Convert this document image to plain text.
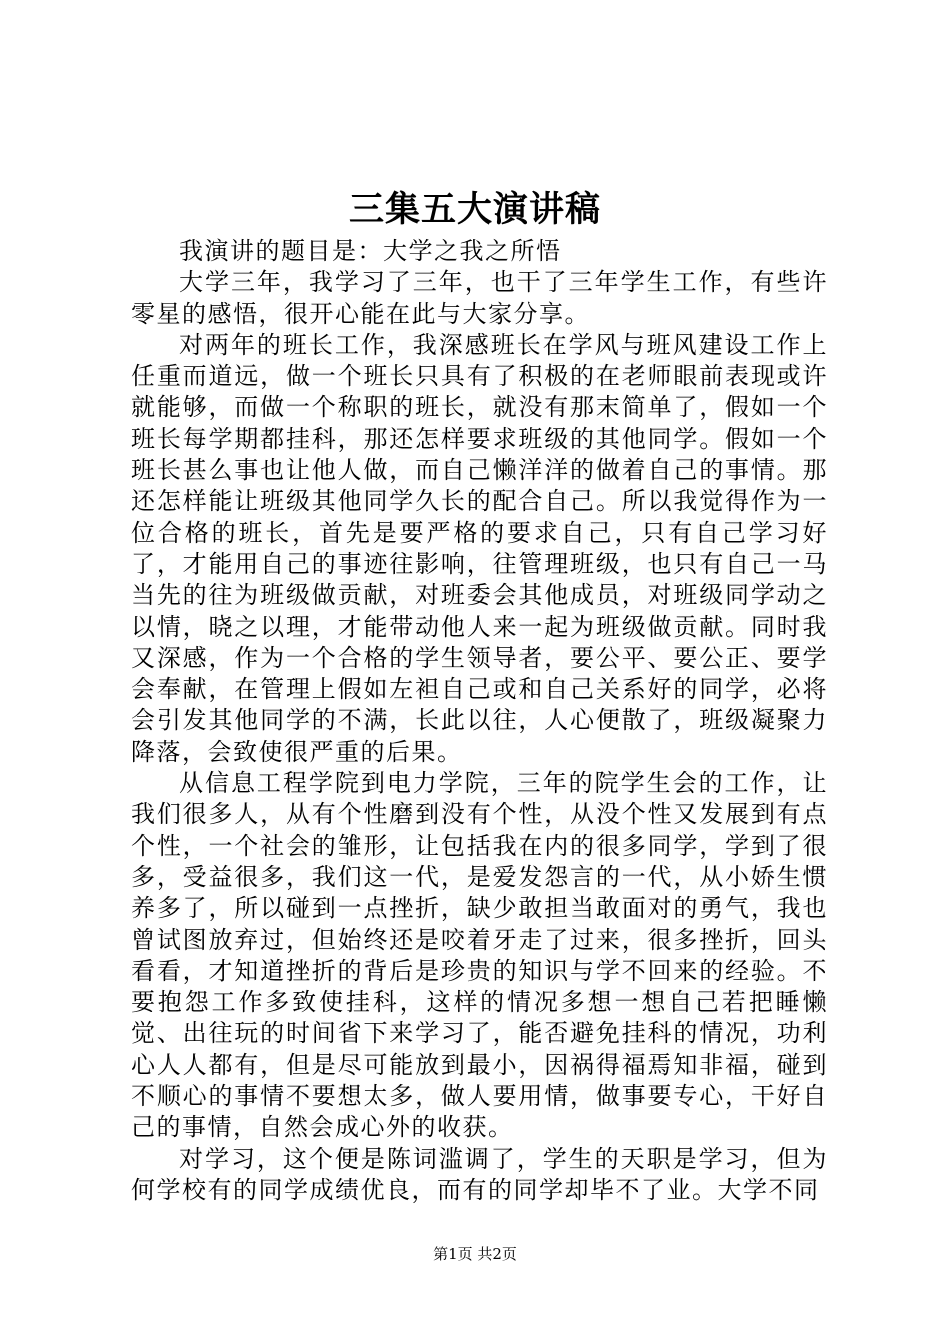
三集五大演讲稿

我演讲的题目是：大学之我之所悟

大学三年，我学习了三年，也干了三年学生工作，有些许零星的感悟，很开心能在此与大家分享。

对两年的班长工作，我深感班长在学风与班风建设工作上任重而道远，做一个班长只具有了积极的在老师眼前表现或许就能够，而做一个称职的班长，就没有那末简单了，假如一个班长每学期都挂科，那还怎样要求班级的其他同学。假如一个班长甚么事也让他人做，而自己懒洋洋的做着自己的事情。那还怎样能让班级其他同学久长的配合自己。所以我觉得作为一位合格的班长，首先是要严格的要求自己，只有自己学习好了，才能用自己的事迹往影响，往管理班级，也只有自己一马当先的往为班级做贡献，对班委会其他成员，对班级同学动之以情，晓之以理，才能带动他人来一起为班级做贡献。同时我又深感，作为一个合格的学生领导者，要公平、要公正、要学会奉献，在管理上假如左袒自己或和自己关系好的同学，必将会引发其他同学的不满，长此以往，人心便散了，班级凝聚力降落，会致使很严重的后果。

从信息工程学院到电力学院，三年的院学生会的工作，让我们很多人，从有个性磨到没有个性，从没个性又发展到有点个性，一个社会的雏形，让包括我在内的很多同学，学到了很多，受益很多，我们这一代，是爱发怨言的一代，从小娇生惯养多了，所以碰到一点挫折，缺少敢担当敢面对的勇气，我也曾试图放弃过，但始终还是咬着牙走了过来，很多挫折，回头看看，才知道挫折的背后是珍贵的知识与学不回来的经验。不要抱怨工作多致使挂科，这样的情况多想一想自己若把睡懒觉、出往玩的时间省下来学习了，能否避免挂科的情况，功利心人人都有，但是尽可能放到最小，因祸得福焉知非福，碰到不顺心的事情不要想太多，做人要用情，做事要专心，干好自己的事情，自然会成心外的收获。

对学习，这个便是陈词滥调了，学生的天职是学习，但为何学校有的同学成绩优良，而有的同学却毕不了业。大学不同

第1页 共2页
